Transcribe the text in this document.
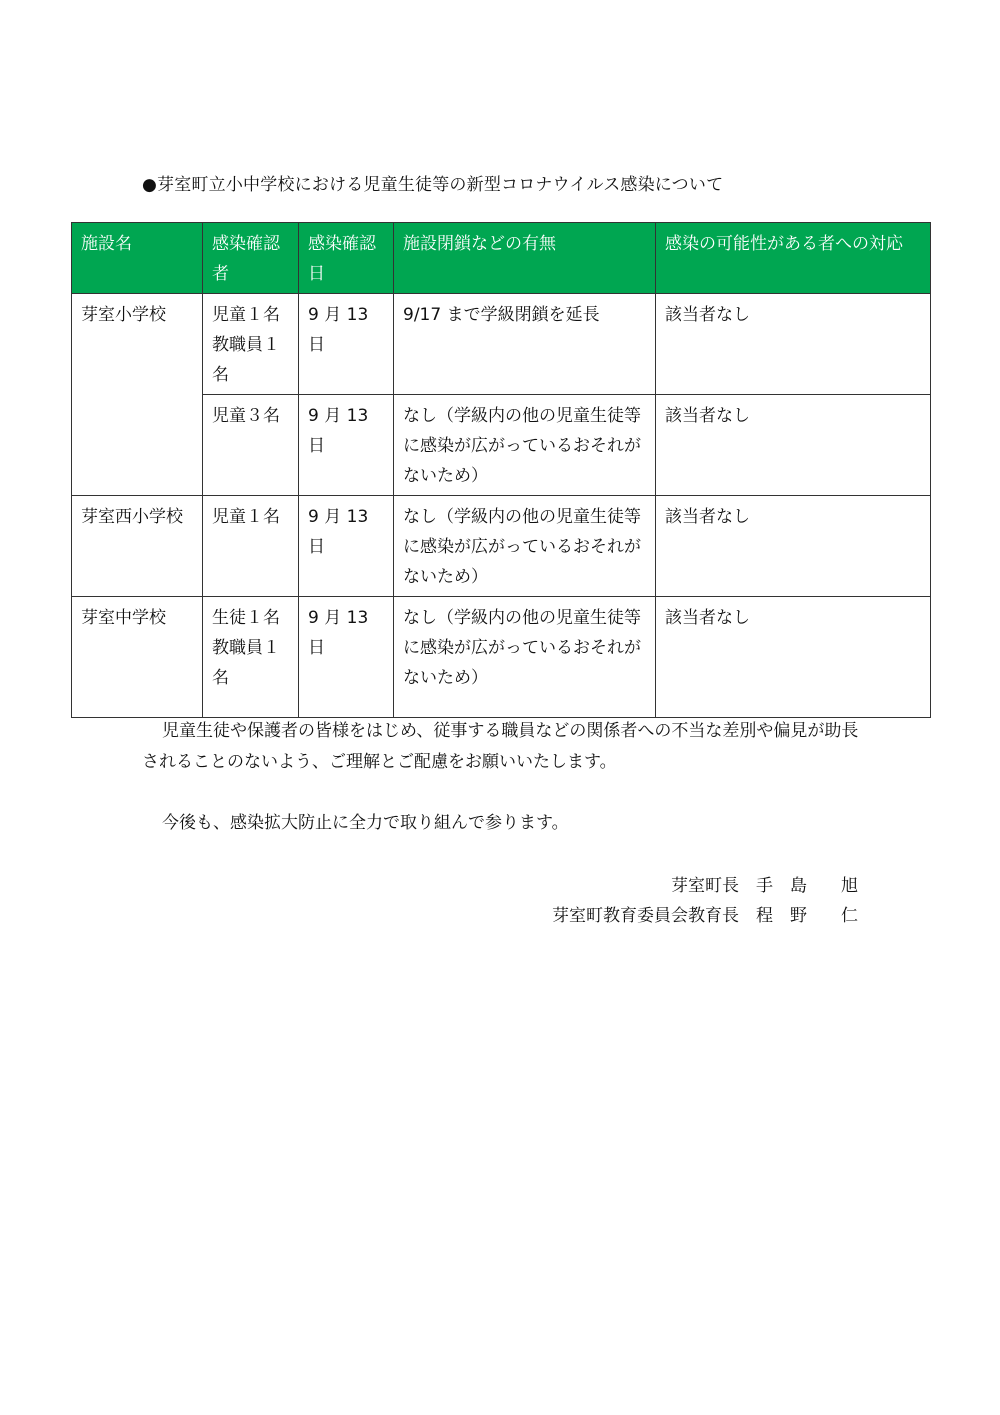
●芽室町立小中学校における児童生徒等の新型コロナウイルス感染について
施設名	感染確認者	感染確認日	施設閉鎖などの有無	感染の可能性がある者への対応
芽室小学校	児童１名　教職員１名	9 月 13 日	9/17 まで学級閉鎖を延長	該当者なし
	児童３名	9 月 13 日	なし（学級内の他の児童生徒等に感染が広がっているおそれがないため）	該当者なし
芽室西小学校	児童１名	9 月 13 日	なし（学級内の他の児童生徒等に感染が広がっているおそれがないため）	該当者なし
芽室中学校	生徒１名　教職員１名	9 月 13 日	なし（学級内の他の児童生徒等に感染が広がっているおそれがないため）	該当者なし

児童生徒や保護者の皆様をはじめ、従事する職員などの関係者への不当な差別や偏見が助長されることのないよう、ご理解とご配慮をお願いいたします。

今後も、感染拡大防止に全力で取り組んで参ります。

芽室町長　手　島　　旭
芽室町教育委員会教育長　程　野　　仁
